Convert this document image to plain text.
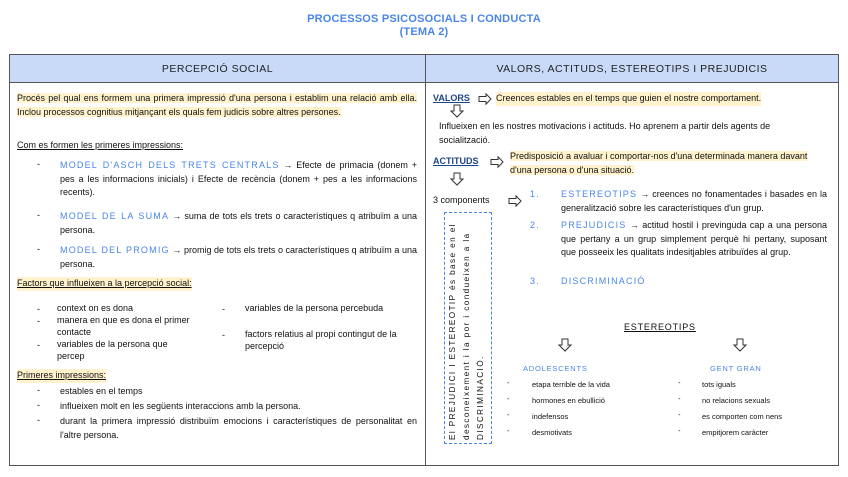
PROCESSOS PSICOSOCIALS I CONDUCTA
(TEMA 2)
PERCEPCIÓ SOCIAL	VALORS, ACTITUDS, ESTEREOTIPS I PREJUDICIS
Procés pel qual ens formem una primera impressió d'una persona i establim una relació amb ella. Inclou processos cognitius mitjançant els quals fem judicis sobre altres persones.
Com es formen les primeres impressions:
- MODEL D'ASCH DELS TRETS CENTRALS → Efecte de primacia (donem + pes a les informacions inicials) i Efecte de recència (donem + pes a les informacions recents).
- MODEL DE LA SUMA → suma de tots els trets o característiques q atribuïm a una persona.
- MODEL DEL PROMIG → promig de tots els trets o característiques q atribuïm a una persona.
Factors que influeixen a la percepció social:
- context on es dona
- manera en que es dona el primer contacte
- variables de la persona que percep
- variables de la persona percebuda
- factors relatius al propi contingut de la percepció
Primeres impressions:
- estables en el temps
- influeixen molt en les següents interaccions amb la persona.
- durant la primera impressió distribuïm emocions i característiques de personalitat en l'altre persona.
VALORS	Creences estables en el temps que guien el nostre comportament.
Influeixen en les nostres motivacions i actituds. Ho aprenem a partir dels agents de socialització.
ACTITUDS	Predisposició a avaluar i comportar-nos d'una determinada manera davant d'una persona o d'una situació.
3 components
1. ESTEREOTIPS → creences no fonamentades i basades en la generalització sobre les característiques d'un grup.
2. PREJUDICIS → actitud hostil i previnguda cap a una persona que pertany a un grup simplement perquè hi pertany, suposant que posseeix les qualitats indesitjables atribuïdes al grup.
3. DISCRIMINACIÓ
El PREJUDICI I ESTEREOTIP és base en el desconeixement i la por i condueixen a la DISCRIMINACIÓ.
ESTEREOTIPS
ADOLESCENTS	GENT GRAN
-	etapa terrible de la vida
-	hormones en ebullició
-	indefensos
-	desmotivats
-	tots iguals
-	no relacions sexuals
-	es comporten com nens
-	empitjorem caràcter
